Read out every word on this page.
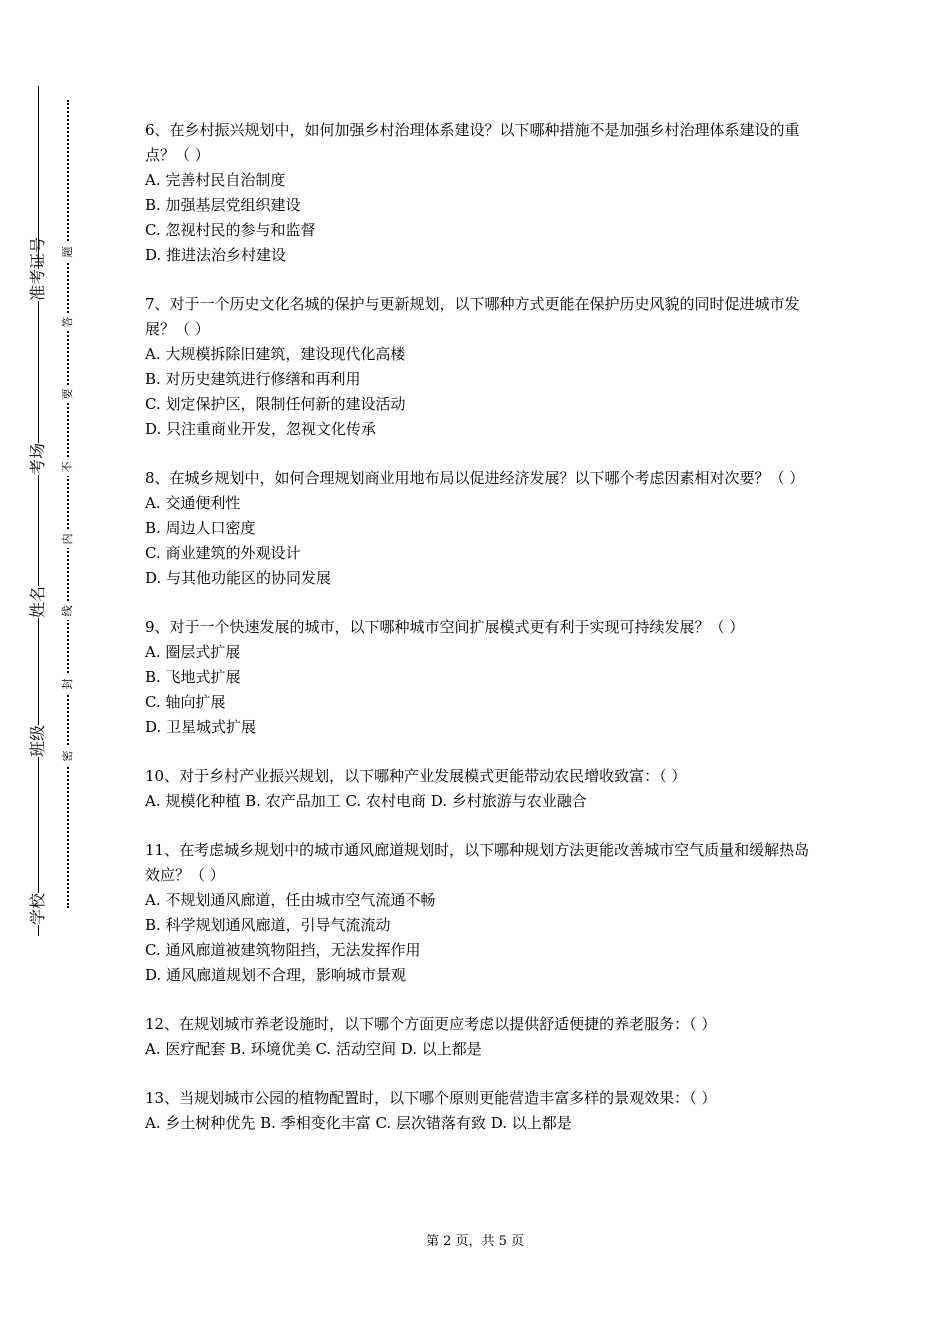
准考证号
考场
姓名
班级
学校
题
答
要
不
内
线
封
密

6、在乡村振兴规划中，如何加强乡村治理体系建设？以下哪种措施不是加强乡村治理体系建设的重点？（ ）

A. 完善村民自治制度

B. 加强基层党组织建设

C. 忽视村民的参与和监督

D. 推进法治乡村建设

7、对于一个历史文化名城的保护与更新规划，以下哪种方式更能在保护历史风貌的同时促进城市发展？（ ）

A. 大规模拆除旧建筑，建设现代化高楼

B. 对历史建筑进行修缮和再利用

C. 划定保护区，限制任何新的建设活动

D. 只注重商业开发，忽视文化传承

8、在城乡规划中，如何合理规划商业用地布局以促进经济发展？以下哪个考虑因素相对次要？（ ）

A. 交通便利性

B. 周边人口密度

C. 商业建筑的外观设计

D. 与其他功能区的协同发展

9、对于一个快速发展的城市，以下哪种城市空间扩展模式更有利于实现可持续发展？（ ）

A. 圈层式扩展

B. 飞地式扩展

C. 轴向扩展

D. 卫星城式扩展

10、对于乡村产业振兴规划，以下哪种产业发展模式更能带动农民增收致富：（ ）

A. 规模化种植 B. 农产品加工 C. 农村电商 D. 乡村旅游与农业融合

11、在考虑城乡规划中的城市通风廊道规划时，以下哪种规划方法更能改善城市空气质量和缓解热岛效应？（ ）

A. 不规划通风廊道，任由城市空气流通不畅

B. 科学规划通风廊道，引导气流流动

C. 通风廊道被建筑物阻挡，无法发挥作用

D. 通风廊道规划不合理，影响城市景观

12、在规划城市养老设施时，以下哪个方面更应考虑以提供舒适便捷的养老服务：（ ）

A. 医疗配套 B. 环境优美 C. 活动空间 D. 以上都是

13、当规划城市公园的植物配置时，以下哪个原则更能营造丰富多样的景观效果：（ ）

A. 乡土树种优先 B. 季相变化丰富 C. 层次错落有致 D. 以上都是

第 2 页，共 5 页
